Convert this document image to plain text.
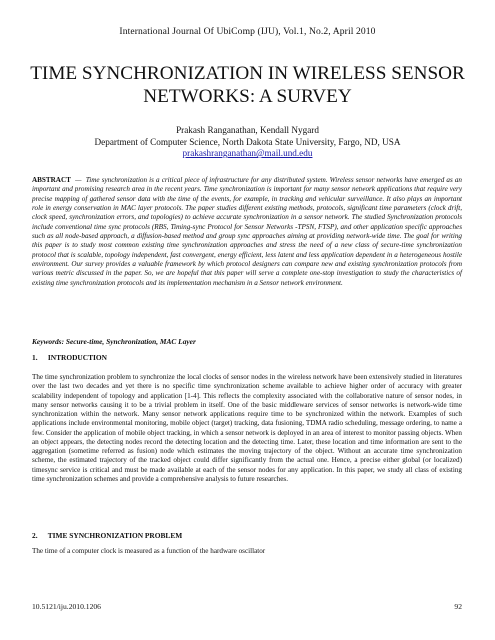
International Journal Of UbiComp (IJU), Vol.1, No.2, April 2010
TIME SYNCHRONIZATION IN WIRELESS SENSOR NETWORKS: A SURVEY
Prakash Ranganathan, Kendall Nygard
Department of Computer Science, North Dakota State University, Fargo, ND, USA
prakashranganathan@mail.und.edu

ABSTRACT — Time synchronization is a critical piece of infrastructure for any distributed system. Wireless sensor networks have emerged as an important and promising research area in the recent years. Time synchronization is important for many sensor network applications that require very precise mapping of gathered sensor data with the time of the events, for example, in tracking and vehicular surveillance. It also plays an important role in energy conservation in MAC layer protocols. The paper studies different existing methods, protocols, significant time parameters (clock drift, clock speed, synchronization errors, and topologies) to achieve accurate synchronization in a sensor network. The studied Synchronization protocols include conventional time sync protocols (RBS, Timing-sync Protocol for Sensor Networks -TPSN, FTSP), and other application specific approaches such as all node-based approach, a diffusion-based method and group sync approaches aiming at providing network-wide time. The goal for writing this paper is to study most common existing time synchronization approaches and stress the need of a new class of secure-time synchronization protocol that is scalable, topology independent, fast convergent, energy efficient, less latent and less application dependent in a heterogeneous hostile environment. Our survey provides a valuable framework by which protocol designers can compare new and existing synchronization protocols from various metric discussed in the paper. So, we are hopeful that this paper will serve a complete one-stop investigation to study the characteristics of existing time synchronization protocols and its implementation mechanism in a Sensor network environment.

Keywords: Secure-time, Synchronization, MAC Layer
1. INTRODUCTION

The time synchronization problem to synchronize the local clocks of sensor nodes in the wireless network have been extensively studied in literatures over the last two decades and yet there is no specific time synchronization scheme available to achieve higher order of accuracy with greater scalability independent of topology and application [1-4]. This reflects the complexity associated with the collaborative nature of sensor nodes, in many sensor networks causing it to be a trivial problem in itself. One of the basic middleware services of sensor networks is network-wide time synchronization within the network. Many sensor network applications require time to be synchronized within the network. Examples of such applications include environmental monitoring, mobile object (target) tracking, data fusioning, TDMA radio scheduling, message ordering, to name a few. Consider the application of mobile object tracking, in which a sensor network is deployed in an area of interest to monitor passing objects. When an object appears, the detecting nodes record the detecting location and the detecting time. Later, these location and time information are sent to the aggregation (sometime referred as fusion) node which estimates the moving trajectory of the object. Without an accurate time synchronization scheme, the estimated trajectory of the tracked object could differ significantly from the actual one. Hence, a precise either global (or localized) timesync service is critical and must be made available at each of the sensor nodes for any application. In this paper, we study all class of existing time synchronization schemes and provide a comprehensive analysis to future researches.

2. TIME SYNCHRONIZATION PROBLEM

The time of a computer clock is measured as a function of the hardware oscillator

10.5121/iju.2010.1206	92
